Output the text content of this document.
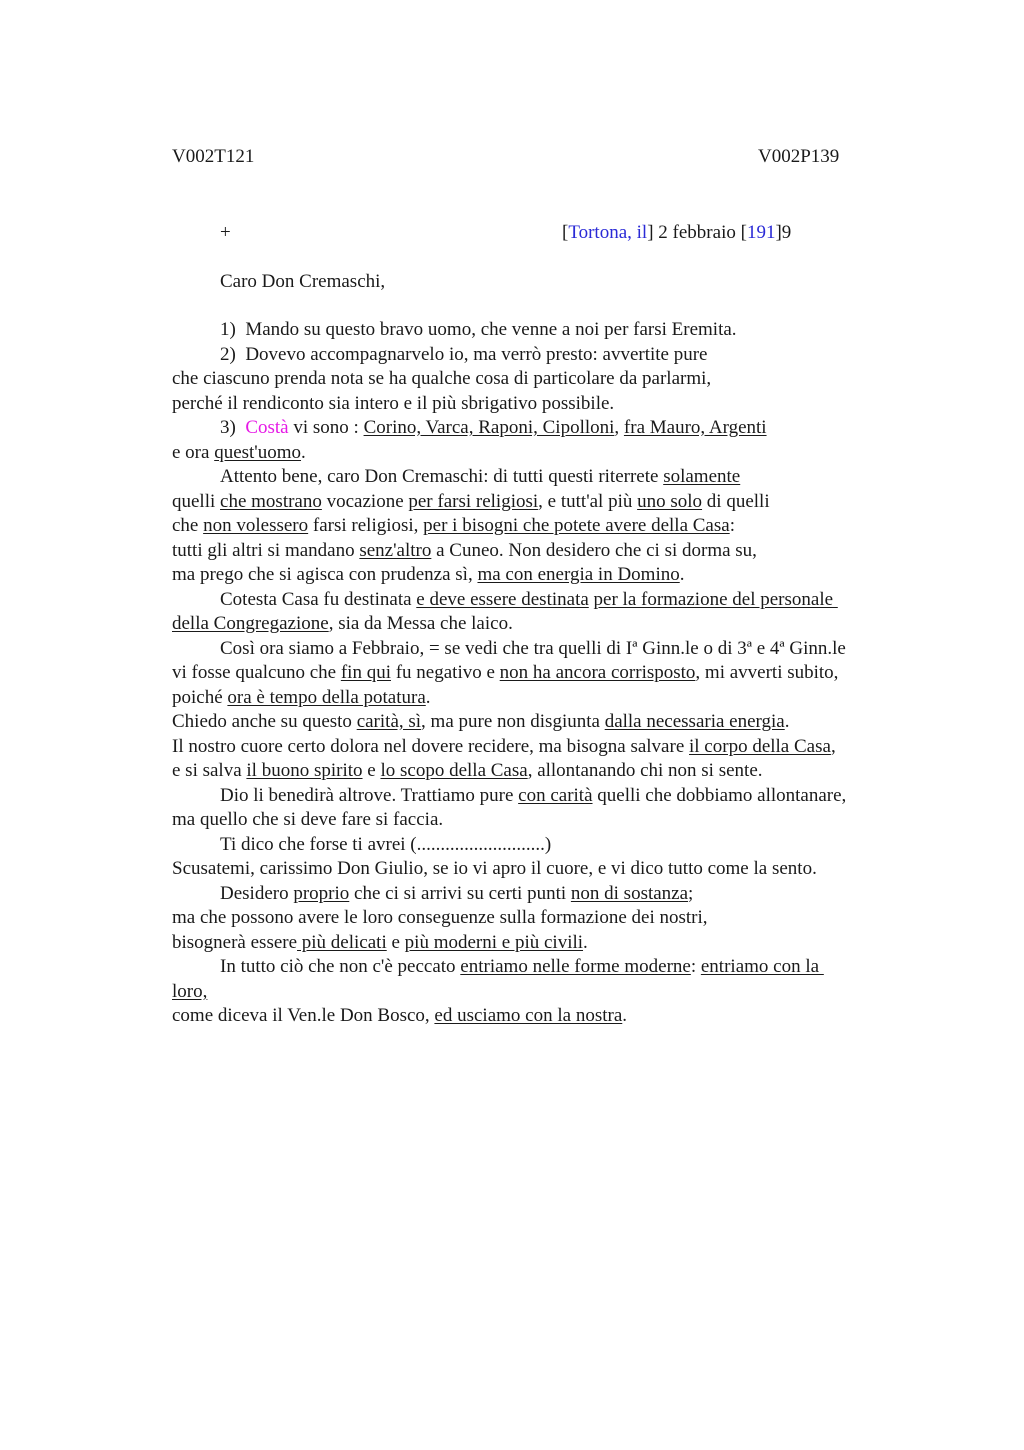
V002T121	V002P139
+	[Tortona, il] 2 febbraio [191]9
Caro Don Cremaschi,
1)  Mando su questo bravo uomo, che venne a noi per farsi Eremita.
2)  Dovevo accompagnarvelo io, ma verrò presto: avvertite pure
che ciascuno prenda nota se ha qualche cosa di particolare da parlarmi,
perché il rendiconto sia intero e il più sbrigativo possibile.
3)  Costà vi sono : Corino, Varca, Raponi, Cipolloni, fra Mauro, Argenti
e ora quest'uomo.
Attento bene, caro Don Cremaschi: di tutti questi riterrete solamente
quelli che mostrano vocazione per farsi religiosi, e tutt'al più uno solo di quelli
che non volessero farsi religiosi, per i bisogni che potete avere della Casa:
tutti gli altri si mandano senz'altro a Cuneo. Non desidero che ci si dorma su,
ma prego che si agisca con prudenza sì, ma con energia in Domino.
Cotesta Casa fu destinata e deve essere destinata per la formazione del personale
della Congregazione, sia da Messa che laico.
Così ora siamo a Febbraio, = se vedi che tra quelli di Iª Ginn.le o di 3ª e 4ª Ginn.le
vi fosse qualcuno che fin qui fu negativo e non ha ancora corrisposto, mi avverti subito,
poiché ora è tempo della potatura.
Chiedo anche su questo carità, sì, ma pure non disgiunta dalla necessaria energia.
Il nostro cuore certo dolora nel dovere recidere, ma bisogna salvare il corpo della Casa,
e si salva il buono spirito e lo scopo della Casa, allontanando chi non si sente.
Dio li benedirà altrove. Trattiamo pure con carità quelli che dobbiamo allontanare,
ma quello che si deve fare si faccia.
Ti dico che forse ti avrei (...........................)
Scusatemi, carissimo Don Giulio, se io vi apro il cuore, e vi dico tutto come la sento.
Desidero proprio che ci si arrivi su certi punti non di sostanza;
ma che possono avere le loro conseguenze sulla formazione dei nostri,
bisognerà essere più delicati e più moderni e più civili.
In tutto ciò che non c'è peccato entriamo nelle forme moderne: entriamo con la
loro,
come diceva il Ven.le Don Bosco, ed usciamo con la nostra.
